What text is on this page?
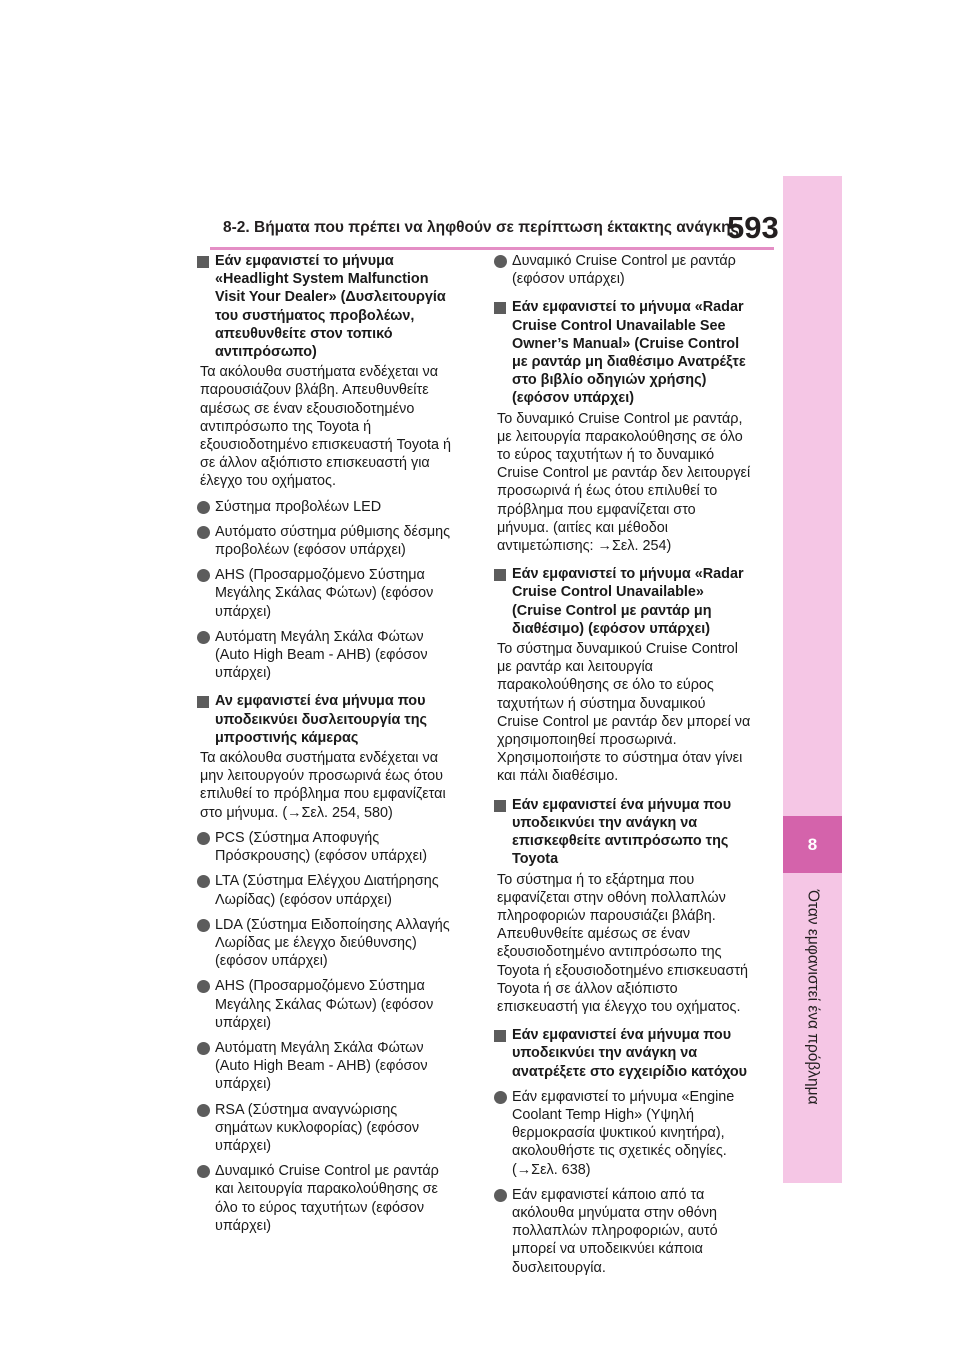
8-2. Βήματα που πρέπει να ληφθούν σε περίπτωση έκτακτης ανάγκης
593
8
Όταν εμφανιστεί ένα πρόβλημα
Εάν εμφανιστεί το μήνυμα «Headlight System Malfunction Visit Your Dealer» (Δυσλειτουργία του συστήματος προβολέων, απευθυνθείτε στον τοπικό αντιπρόσωπο)
Τα ακόλουθα συστήματα ενδέχεται να παρουσιάζουν βλάβη. Απευθυνθείτε αμέσως σε έναν εξουσιοδοτημένο αντιπρόσωπο της Toyota ή εξουσιοδοτημένο επισκευαστή Toyota ή σε άλλον αξιόπιστο επισκευαστή για έλεγχο του οχήματος.
Σύστημα προβολέων LED
Αυτόματο σύστημα ρύθμισης δέσμης προβολέων (εφόσον υπάρχει)
AHS (Προσαρμοζόμενο Σύστημα Μεγάλης Σκάλας Φώτων) (εφόσον υπάρχει)
Αυτόματη Μεγάλη Σκάλα Φώτων (Auto High Beam - AHB) (εφόσον υπάρχει)
Αν εμφανιστεί ένα μήνυμα που υποδεικνύει δυσλειτουργία της μπροστινής κάμερας
Τα ακόλουθα συστήματα ενδέχεται να μην λειτουργούν προσωρινά έως ότου επιλυθεί το πρόβλημα που εμφανίζεται στο μήνυμα. (→Σελ. 254, 580)
PCS (Σύστημα Αποφυγής Πρόσκρουσης) (εφόσον υπάρχει)
LTA (Σύστημα Ελέγχου Διατήρησης Λωρίδας) (εφόσον υπάρχει)
LDA (Σύστημα Ειδοποίησης Αλλαγής Λωρίδας με έλεγχο διεύθυνσης) (εφόσον υπάρχει)
AHS (Προσαρμοζόμενο Σύστημα Μεγάλης Σκάλας Φώτων) (εφόσον υπάρχει)
Αυτόματη Μεγάλη Σκάλα Φώτων (Auto High Beam - AHB) (εφόσον υπάρχει)
RSA (Σύστημα αναγνώρισης σημάτων κυκλοφορίας) (εφόσον υπάρχει)
Δυναμικό Cruise Control με ραντάρ και λειτουργία παρακολούθησης σε όλο το εύρος ταχυτήτων (εφόσον υπάρχει)
Δυναμικό Cruise Control με ραντάρ (εφόσον υπάρχει)
Εάν εμφανιστεί το μήνυμα «Radar Cruise Control Unavailable See Owner’s Manual» (Cruise Control με ραντάρ μη διαθέσιμο Ανατρέξτε στο βιβλίο οδηγιών χρήσης) (εφόσον υπάρχει)
Το δυναμικό Cruise Control με ραντάρ, με λειτουργία παρακολούθησης σε όλο το εύρος ταχυτήτων ή το δυναμικό Cruise Control με ραντάρ δεν λειτουργεί προσωρινά ή έως ότου επιλυθεί το πρόβλημα που εμφανίζεται στο μήνυμα. (αιτίες και μέθοδοι αντιμετώπισης: →Σελ. 254)
Εάν εμφανιστεί το μήνυμα «Radar Cruise Control Unavailable» (Cruise Control με ραντάρ μη διαθέσιμο) (εφόσον υπάρχει)
Το σύστημα δυναμικού Cruise Control με ραντάρ και λειτουργία παρακολούθησης σε όλο το εύρος ταχυτήτων ή σύστημα δυναμικού Cruise Control με ραντάρ δεν μπορεί να χρησιμοποιηθεί προσωρινά. Χρησιμοποιήστε το σύστημα όταν γίνει και πάλι διαθέσιμο.
Εάν εμφανιστεί ένα μήνυμα που υποδεικνύει την ανάγκη να επισκεφθείτε αντιπρόσωπο της Toyota
Το σύστημα ή το εξάρτημα που εμφανίζεται στην οθόνη πολλαπλών πληροφοριών παρουσιάζει βλάβη. Απευθυνθείτε αμέσως σε έναν εξουσιοδοτημένο αντιπρόσωπο της Toyota ή εξουσιοδοτημένο επισκευαστή Toyota ή σε άλλον αξιόπιστο επισκευαστή για έλεγχο του οχήματος.
Εάν εμφανιστεί ένα μήνυμα που υποδεικνύει την ανάγκη να ανατρέξετε στο εγχειρίδιο κατόχου
Εάν εμφανιστεί το μήνυμα «Engine Coolant Temp High» (Υψηλή θερμοκρασία ψυκτικού κινητήρα), ακολουθήστε τις σχετικές οδηγίες. (→Σελ. 638)
Εάν εμφανιστεί κάποιο από τα ακόλουθα μηνύματα στην οθόνη πολλαπλών πληροφοριών, αυτό μπορεί να υποδεικνύει κάποια δυσλειτουργία.
